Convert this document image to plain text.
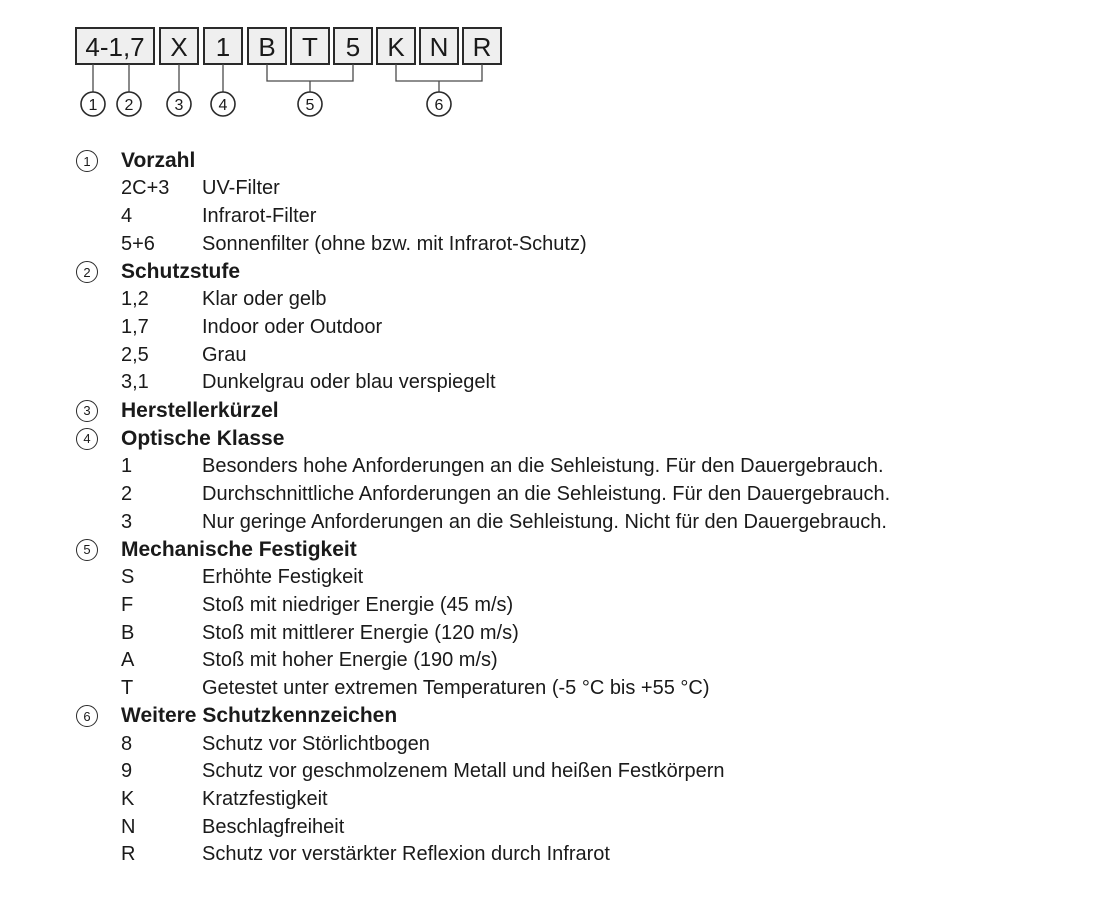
4-1,7 X 1 B T 5 K N R
1 2	3 4	5	6
1	Vorzahl
2C+3	UV-Filter
4	Infrarot-Filter
5+6	Sonnenfilter (ohne bzw. mit Infrarot-Schutz)
2	Schutzstufe
1,2	Klar oder gelb
1,7	Indoor oder Outdoor
2,5	Grau
3,1	Dunkelgrau oder blau verspiegelt
3	Herstellerkürzel
4	Optische Klasse
1	Besonders hohe Anforderungen an die Sehleistung. Für den Dauergebrauch.
2	Durchschnittliche Anforderungen an die Sehleistung. Für den Dauergebrauch.
3	Nur geringe Anforderungen an die Sehleistung. Nicht für den Dauergebrauch.
5	Mechanische Festigkeit
S	Erhöhte Festigkeit
F	Stoß mit niedriger Energie (45 m/s)
B	Stoß mit mittlerer Energie (120 m/s)
A	Stoß mit hoher Energie (190 m/s)
T	Getestet unter extremen Temperaturen (-5 °C bis +55 °C)
6	Weitere Schutzkennzeichen
8	Schutz vor Störlichtbogen
9	Schutz vor geschmolzenem Metall und heißen Festkörpern
K	Kratzfestigkeit
N	Beschlagfreiheit
R	Schutz vor verstärkter Reflexion durch Infrarot
